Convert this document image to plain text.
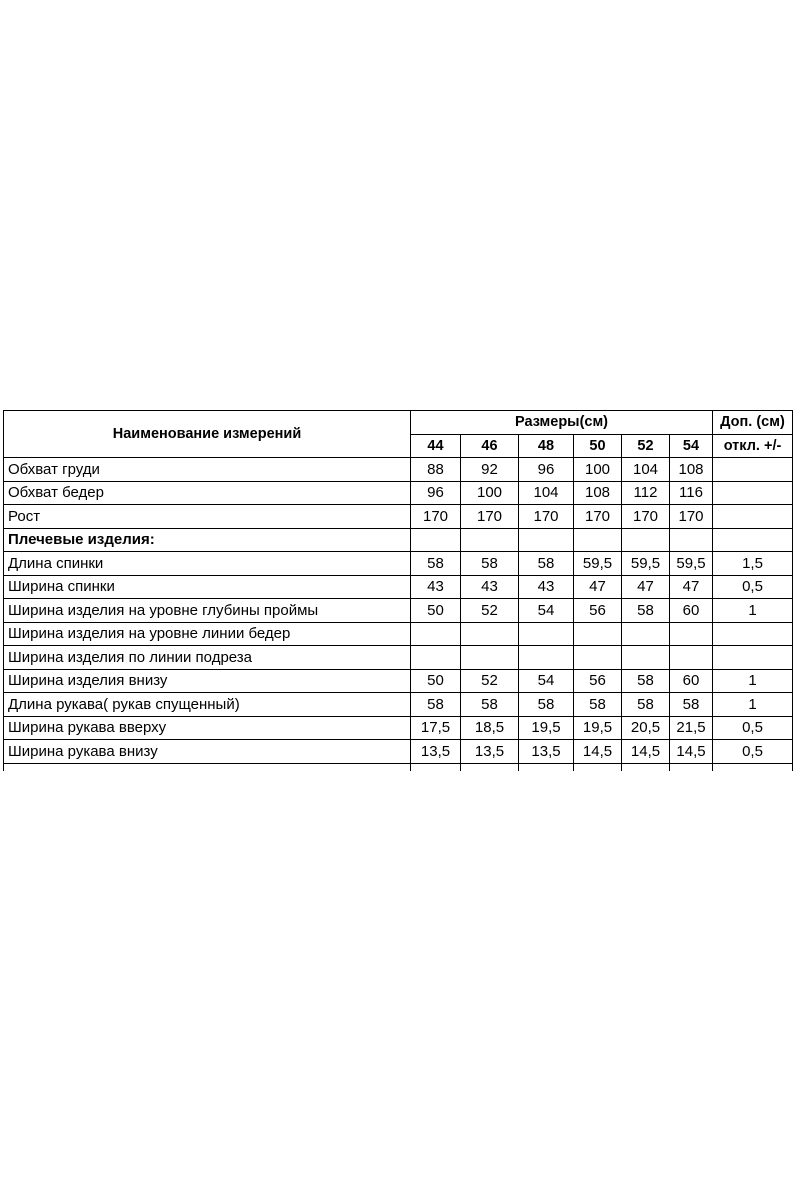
Наименование измерений	Размеры(см)						Доп. (см)
	44	46	48	50	52	54	откл. +/-
Обхват груди	88	92	96	100	104	108	
Обхват бедер	96	100	104	108	112	116	
Рост	170	170	170	170	170	170	
Плечевые изделия:							
Длина спинки	58	58	58	59,5	59,5	59,5	1,5
Ширина спинки	43	43	43	47	47	47	0,5
Ширина изделия на уровне глубины проймы	50	52	54	56	58	60	1
Ширина изделия на уровне линии бедер							
Ширина изделия по линии подреза							
Ширина изделия внизу	50	52	54	56	58	60	1
Длина рукава( рукав спущенный)	58	58	58	58	58	58	1
Ширина рукава вверху	17,5	18,5	19,5	19,5	20,5	21,5	0,5
Ширина рукава внизу	13,5	13,5	13,5	14,5	14,5	14,5	0,5
